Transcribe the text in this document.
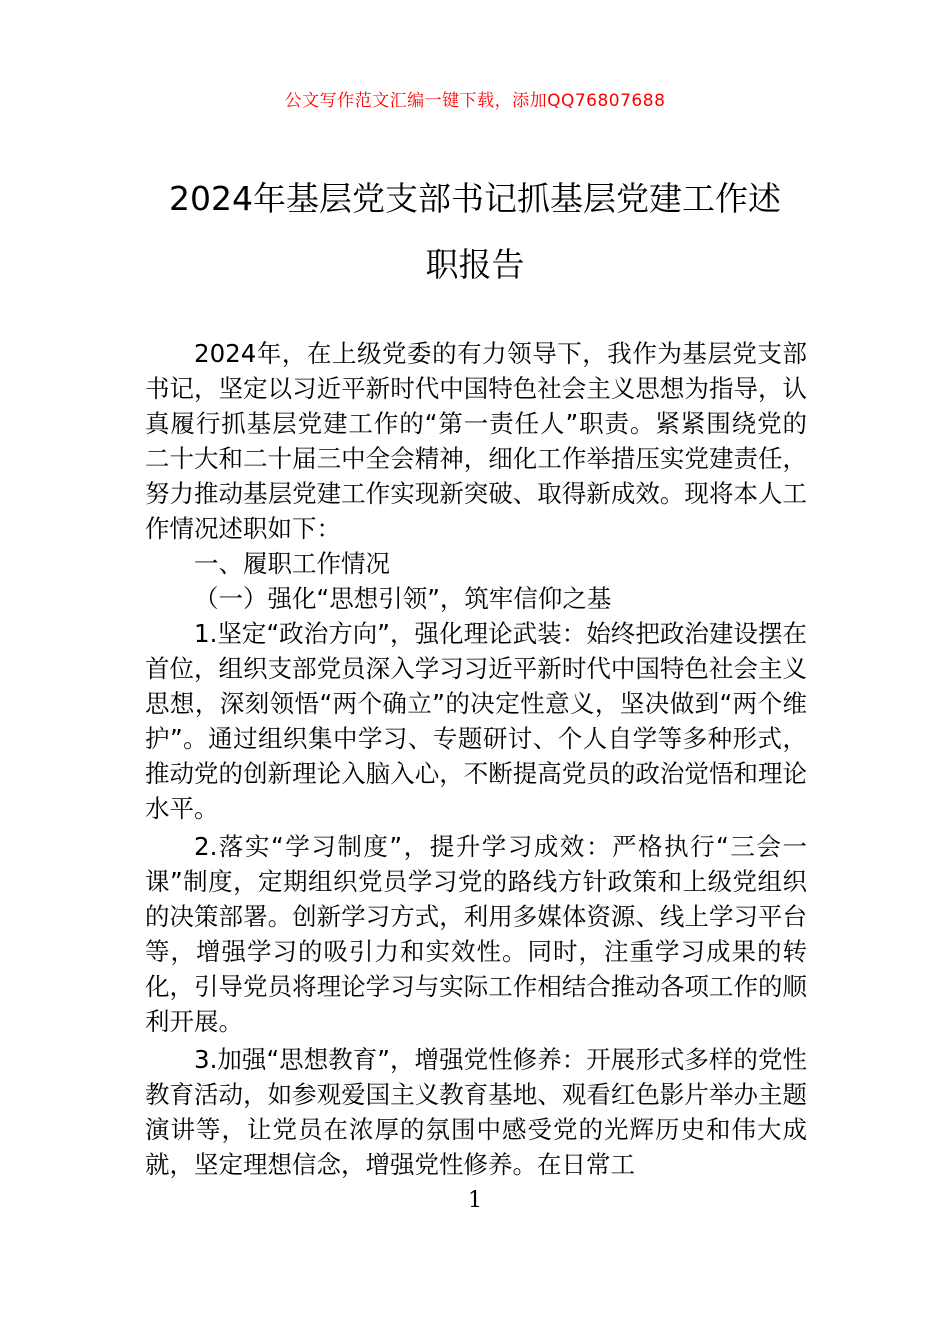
公文写作范文汇编一键下载，添加QQ76807688
2024年基层党支部书记抓基层党建工作述
职报告

2024年，在上级党委的有力领导下，我作为基层党支部书记，坚定以习近平新时代中国特色社会主义思想为指导，认真履行抓基层党建工作的“第一责任人”职责。紧紧围绕党的二十大和二十届三中全会精神，细化工作举措压实党建责任，努力推动基层党建工作实现新突破、取得新成效。现将本人工作情况述职如下：

一、履职工作情况

（一）强化“思想引领”，筑牢信仰之基

1.坚定“政治方向”，强化理论武装：始终把政治建设摆在首位，组织支部党员深入学习习近平新时代中国特色社会主义思想，深刻领悟“两个确立”的决定性意义，坚决做到“两个维护”。通过组织集中学习、专题研讨、个人自学等多种形式，推动党的创新理论入脑入心，不断提高党员的政治觉悟和理论水平。

2.落实“学习制度”，提升学习成效：严格执行“三会一课”制度，定期组织党员学习党的路线方针政策和上级党组织的决策部署。创新学习方式，利用多媒体资源、线上学习平台等，增强学习的吸引力和实效性。同时，注重学习成果的转化，引导党员将理论学习与实际工作相结合推动各项工作的顺利开展。

3.加强“思想教育”，增强党性修养：开展形式多样的党性教育活动，如参观爱国主义教育基地、观看红色影片举办主题演讲等，让党员在浓厚的氛围中感受党的光辉历史和伟大成就，坚定理想信念，增强党性修养。在日常工

1
